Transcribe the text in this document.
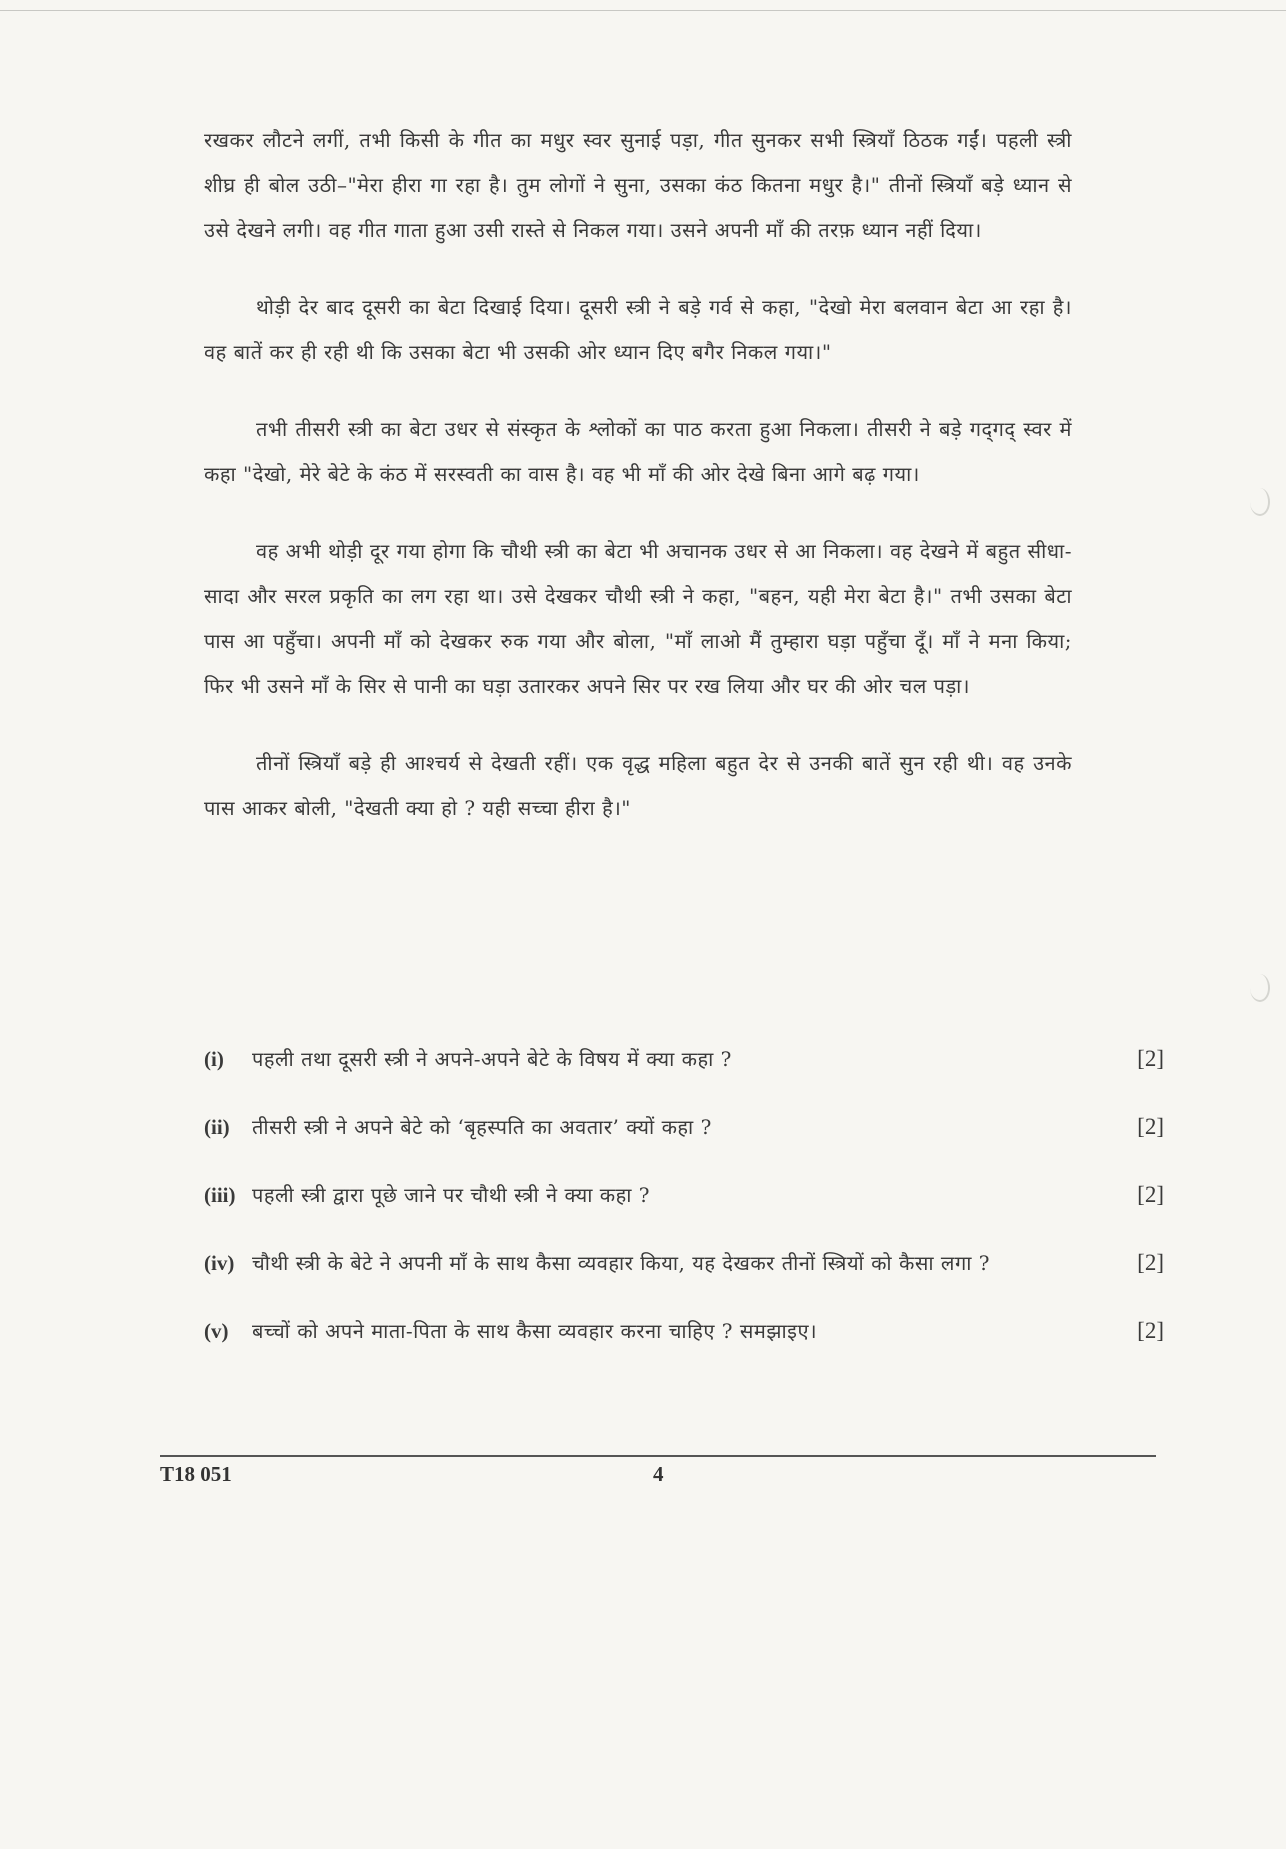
रखकर लौटने लगीं, तभी किसी के गीत का मधुर स्वर सुनाई पड़ा, गीत सुनकर सभी स्त्रियाँ ठिठक गईं। पहली स्त्री शीघ्र ही बोल उठी–"मेरा हीरा गा रहा है। तुम लोगों ने सुना, उसका कंठ कितना मधुर है।" तीनों स्त्रियाँ बड़े ध्यान से उसे देखने लगी। वह गीत गाता हुआ उसी रास्ते से निकल गया। उसने अपनी माँ की तरफ़ ध्यान नहीं दिया।

थोड़ी देर बाद दूसरी का बेटा दिखाई दिया। दूसरी स्त्री ने बड़े गर्व से कहा, "देखो मेरा बलवान बेटा आ रहा है। वह बातें कर ही रही थी कि उसका बेटा भी उसकी ओर ध्यान दिए बगैर निकल गया।"

तभी तीसरी स्त्री का बेटा उधर से संस्कृत के श्लोकों का पाठ करता हुआ निकला। तीसरी ने बड़े गद्‌गद् स्वर में कहा "देखो, मेरे बेटे के कंठ में सरस्वती का वास है। वह भी माँ की ओर देखे बिना आगे बढ़ गया।

वह अभी थोड़ी दूर गया होगा कि चौथी स्त्री का बेटा भी अचानक उधर से आ निकला। वह देखने में बहुत सीधा-सादा और सरल प्रकृति का लग रहा था। उसे देखकर चौथी स्त्री ने कहा, "बहन, यही मेरा बेटा है।" तभी उसका बेटा पास आ पहुँचा। अपनी माँ को देखकर रुक गया और बोला, "माँ लाओ मैं तुम्हारा घड़ा पहुँचा दूँ। माँ ने मना किया; फिर भी उसने माँ के सिर से पानी का घड़ा उतारकर अपने सिर पर रख लिया और घर की ओर चल पड़ा।

तीनों स्त्रियाँ बड़े ही आश्चर्य से देखती रहीं। एक वृद्ध महिला बहुत देर से उनकी बातें सुन रही थी। वह उनके पास आकर बोली, "देखती क्या हो ? यही सच्चा हीरा है।"

(i)	पहली तथा दूसरी स्त्री ने अपने-अपने बेटे के विषय में क्या कहा ?	[2]
(ii)	तीसरी स्त्री ने अपने बेटे को ‘बृहस्पति का अवतार’ क्यों कहा ?	[2]
(iii) पहली स्त्री द्वारा पूछे जाने पर चौथी स्त्री ने क्या कहा ?	[2]
(iv) चौथी स्त्री के बेटे ने अपनी माँ के साथ कैसा व्यवहार किया, यह देखकर तीनों स्त्रियों को कैसा लगा ?	[2]
(v)	बच्चों को अपने माता-पिता के साथ कैसा व्यवहार करना चाहिए ? समझाइए।	[2]
T18 051	4
